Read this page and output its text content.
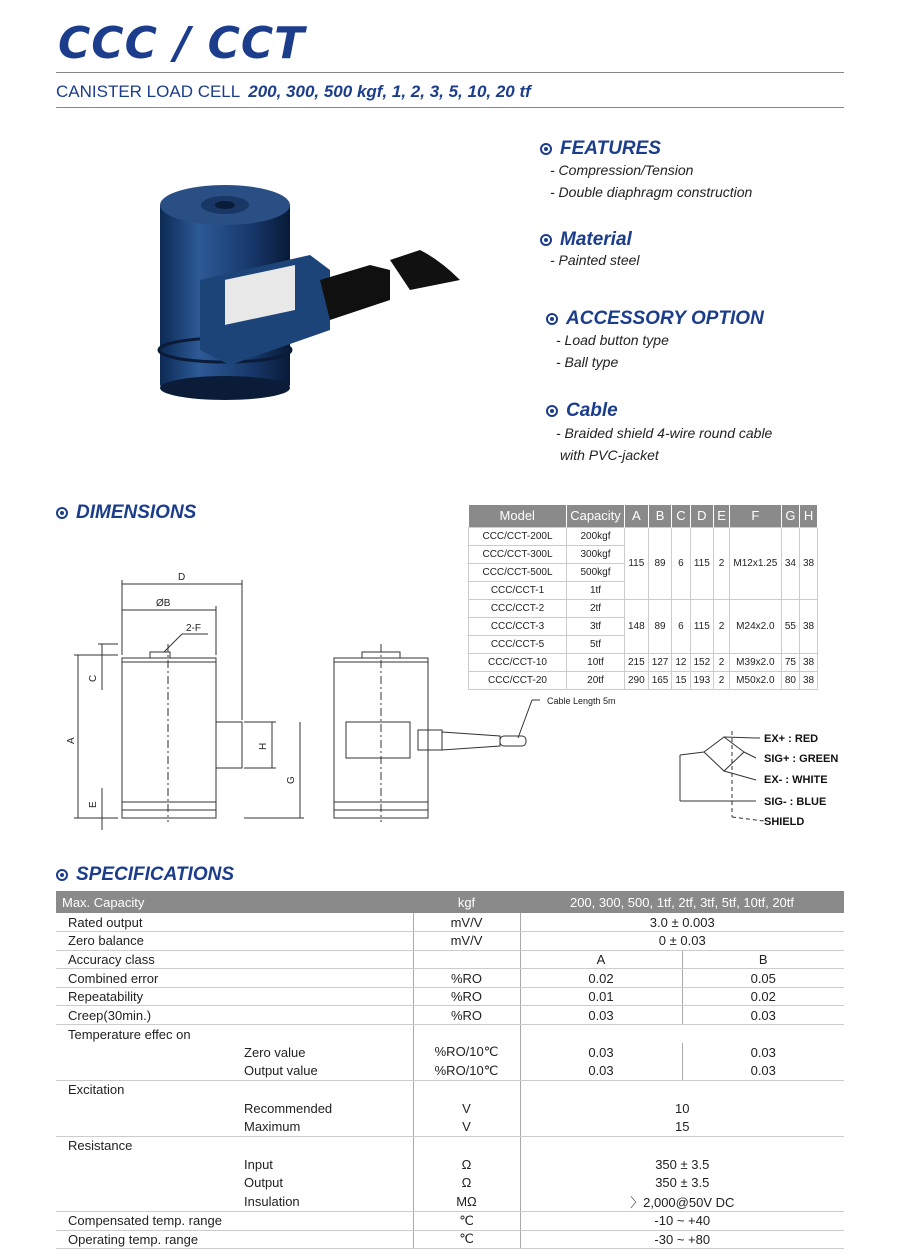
CCC / CCT
CANISTER LOAD CELL 200, 300, 500 kgf, 1, 2, 3, 5, 10, 20 tf
FEATURES
- Compression/Tension
- Double diaphragm construction
Material
- Painted steel
ACCESSORY OPTION
- Load button type
- Ball type
Cable
- Braided shield 4-wire round cable
with PVC-jacket
DIMENSIONS
D
ØB
2-F
A
C
E
H
G
Cable Length 5m
Model	Capacity	A	B	C	D	E	F	G	H
CCC/CCT-200L	200kgf	115	89	6	115	2	M12x1.25	34	38
CCC/CCT-300L	300kgf								
CCC/CCT-500L	500kgf								
CCC/CCT-1	1tf								
CCC/CCT-2	2tf	148	89	6	115	2	M24x2.0	55	38
CCC/CCT-3	3tf								
CCC/CCT-5	5tf								
CCC/CCT-10	10tf	215	127	12	152	2	M39x2.0	75	38
CCC/CCT-20	20tf	290	165	15	193	2	M50x2.0	80	38
EX+ : RED
SIG+ : GREEN
EX- : WHITE
SIG- : BLUE
SHIELD
SPECIFICATIONS
Max. Capacity	kgf	200, 300, 500, 1tf, 2tf, 3tf, 5tf, 10tf, 20tf	
Rated output	mV/V	3.0 ± 0.003	
Zero balance	mV/V	0 ± 0.03	
Accuracy class		A	B
Combined error	%RO	0.02	0.05
Repeatability	%RO	0.01	0.02
Creep(30min.)	%RO	0.03	0.03
Temperature effec on			
Zero value	%RO/10℃	0.03	0.03
Output value	%RO/10℃	0.03	0.03
Excitation			
Recommended	V	10	
Maximum	V	15	
Resistance			
Input	Ω	350 ± 3.5	
Output	Ω	350 ± 3.5	
Insulation	MΩ	〉2,000@50V DC	
Compensated temp. range	℃	-10 ~ +40	
Operating temp. range	℃	-30 ~ +80	
